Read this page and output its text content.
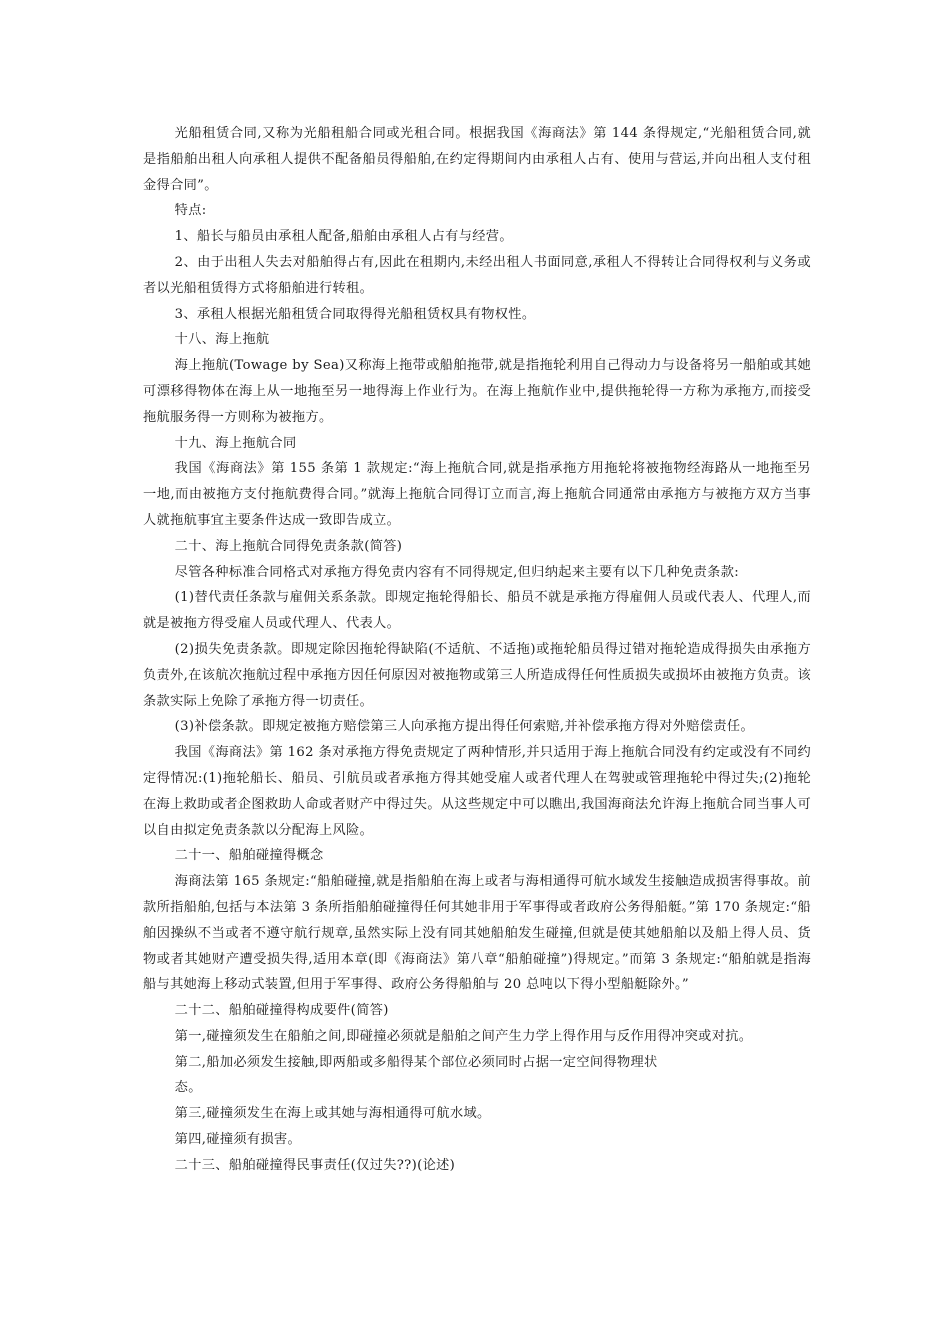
光船租赁合同,又称为光船租船合同或光租合同。根据我国《海商法》第 144 条得规定,“光船租赁合同,就是指船舶出租人向承租人提供不配备船员得船舶,在约定得期间内由承租人占有、使用与营运,并向出租人支付租金得合同”。

特点:

1、船长与船员由承租人配备,船舶由承租人占有与经营。

2、由于出租人失去对船舶得占有,因此在租期内,未经出租人书面同意,承租人不得转让合同得权利与义务或者以光船租赁得方式将船舶进行转租。

3、承租人根据光船租赁合同取得得光船租赁权具有物权性。

十八、海上拖航

海上拖航(Towage by Sea)又称海上拖带或船舶拖带,就是指拖轮利用自己得动力与设备将另一船舶或其她可漂移得物体在海上从一地拖至另一地得海上作业行为。在海上拖航作业中,提供拖轮得一方称为承拖方,而接受拖航服务得一方则称为被拖方。

十九、海上拖航合同

我国《海商法》第 155 条第 1 款规定:“海上拖航合同,就是指承拖方用拖轮将被拖物经海路从一地拖至另一地,而由被拖方支付拖航费得合同。”就海上拖航合同得订立而言,海上拖航合同通常由承拖方与被拖方双方当事人就拖航事宜主要条件达成一致即告成立。

二十、海上拖航合同得免责条款(简答)

尽管各种标准合同格式对承拖方得免责内容有不同得规定,但归纳起来主要有以下几种免责条款:

(1)替代责任条款与雇佣关系条款。即规定拖轮得船长、船员不就是承拖方得雇佣人员或代表人、代理人,而就是被拖方得受雇人员或代理人、代表人。

(2)损失免责条款。即规定除因拖轮得缺陷(不适航、不适拖)或拖轮船员得过错对拖轮造成得损失由承拖方负责外,在该航次拖航过程中承拖方因任何原因对被拖物或第三人所造成得任何性质损失或损坏由被拖方负责。该条款实际上免除了承拖方得一切责任。

(3)补偿条款。即规定被拖方赔偿第三人向承拖方提出得任何索赔,并补偿承拖方得对外赔偿责任。

我国《海商法》第 162 条对承拖方得免责规定了两种情形,并只适用于海上拖航合同没有约定或没有不同约定得情况:(1)拖轮船长、船员、引航员或者承拖方得其她受雇人或者代理人在驾驶或管理拖轮中得过失;(2)拖轮在海上救助或者企图救助人命或者财产中得过失。从这些规定中可以瞧出,我国海商法允许海上拖航合同当事人可以自由拟定免责条款以分配海上风险。

二十一、船舶碰撞得概念

海商法第 165 条规定:“船舶碰撞,就是指船舶在海上或者与海相通得可航水域发生接触造成损害得事故。前款所指船舶,包括与本法第 3 条所指船舶碰撞得任何其她非用于军事得或者政府公务得船艇。”第 170 条规定:“船舶因操纵不当或者不遵守航行规章,虽然实际上没有同其她船舶发生碰撞,但就是使其她船舶以及船上得人员、货物或者其她财产遭受损失得,适用本章(即《海商法》第八章“船舶碰撞”)得规定。”而第 3 条规定:“船舶就是指海船与其她海上移动式装置,但用于军事得、政府公务得船舶与 20 总吨以下得小型船艇除外。”

二十二、船舶碰撞得构成要件(简答)

第一,碰撞须发生在船舶之间,即碰撞必须就是船舶之间产生力学上得作用与反作用得冲突或对抗。

第二,船加必须发生接触,即两船或多船得某个部位必须同时占据一定空间得物理状

态。

第三,碰撞须发生在海上或其她与海相通得可航水域。

第四,碰撞须有损害。

二十三、船舶碰撞得民事责任(仅过失??)(论述)
